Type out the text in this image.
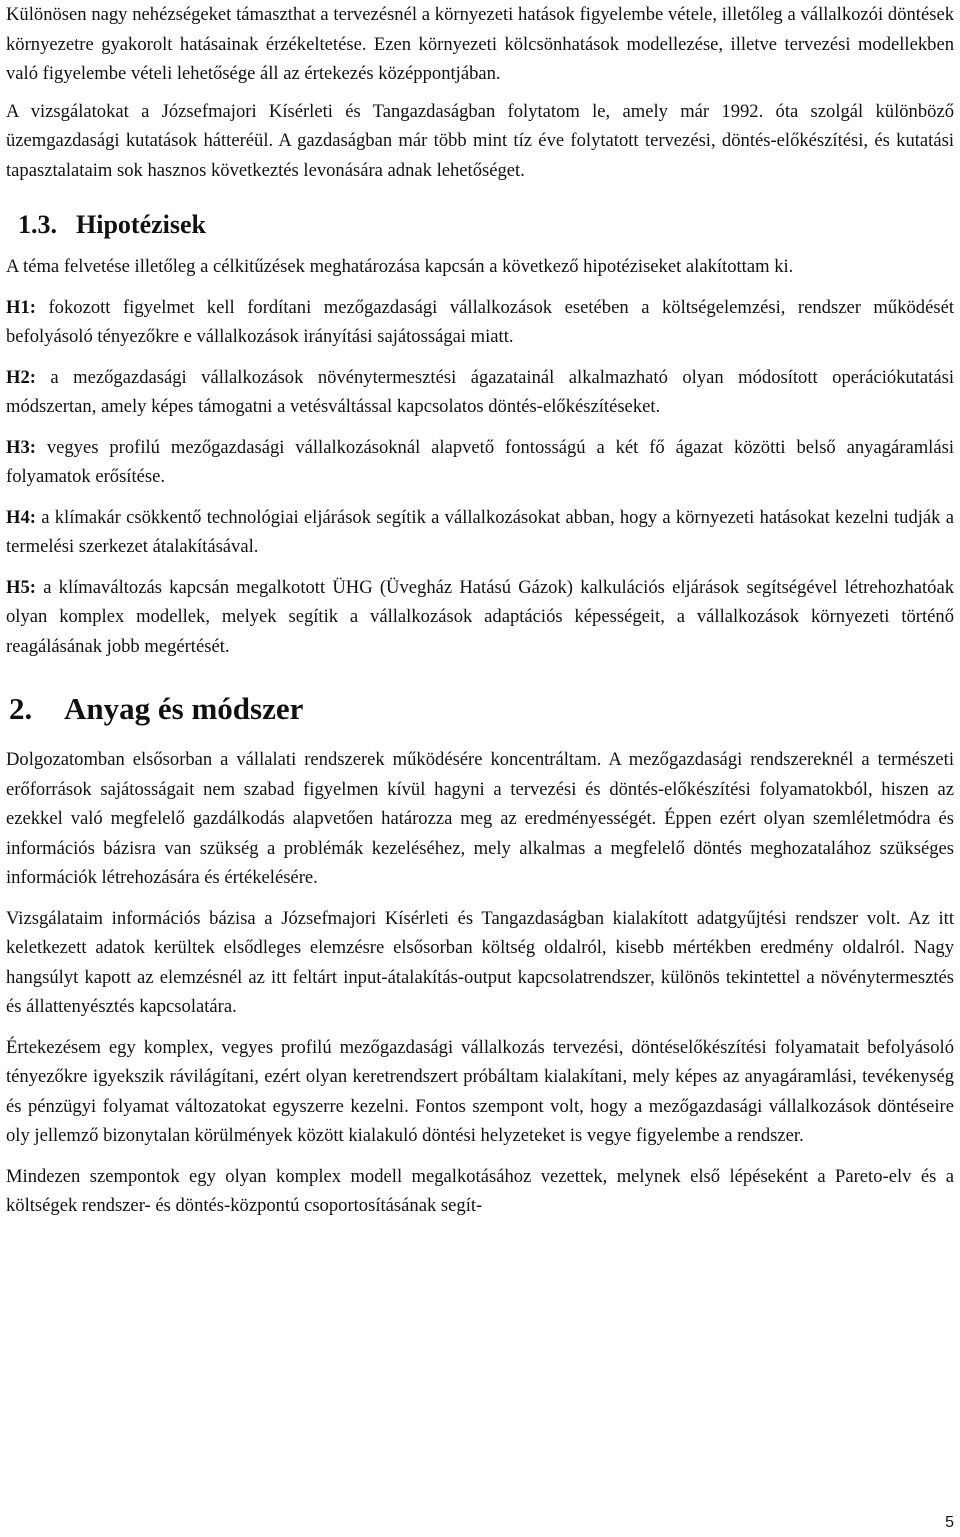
Különösen nagy nehézségeket támaszthat a tervezésnél a környezeti hatások figyelembe vétele, illetőleg a vállalkozói döntések környezetre gyakorolt hatásainak érzékeltetése. Ezen környezeti kölcsönhatások modellezése, illetve tervezési modellekben való figyelembe vételi lehetősége áll az értekezés középpontjában.

A vizsgálatokat a Józsefmajori Kísérleti és Tangazdaságban folytatom le, amely már 1992. óta szolgál különböző üzemgazdasági kutatások hátteréül. A gazdaságban már több mint tíz éve folytatott tervezési, döntés-előkészítési, és kutatási tapasztalataim sok hasznos következtés levonására adnak lehetőséget.

1.3. Hipotézisek

A téma felvetése illetőleg a célkitűzések meghatározása kapcsán a következő hipotéziseket alakítottam ki.

H1: fokozott figyelmet kell fordítani mezőgazdasági vállalkozások esetében a költségelemzési, rendszer működését befolyásoló tényezőkre e vállalkozások irányítási sajátosságai miatt.

H2: a mezőgazdasági vállalkozások növénytermesztési ágazatainál alkalmazható olyan módosított operációkutatási módszertan, amely képes támogatni a vetésváltással kapcsolatos döntés-előkészítéseket.

H3: vegyes profilú mezőgazdasági vállalkozásoknál alapvető fontosságú a két fő ágazat közötti belső anyagáramlási folyamatok erősítése.

H4: a klímakár csökkentő technológiai eljárások segítik a vállalkozásokat abban, hogy a környezeti hatásokat kezelni tudják a termelési szerkezet átalakításával.

H5: a klímaváltozás kapcsán megalkotott ÜHG (Üvegház Hatású Gázok) kalkulációs eljárások segítségével létrehozhatóak olyan komplex modellek, melyek segítik a vállalkozások adaptációs képességeit, a vállalkozások környezeti történő reagálásának jobb megértését.

2. Anyag és módszer

Dolgozatomban elsősorban a vállalati rendszerek működésére koncentráltam. A mezőgazdasági rendszereknél a természeti erőforrások sajátosságait nem szabad figyelmen kívül hagyni a tervezési és döntés-előkészítési folyamatokból, hiszen az ezekkel való megfelelő gazdálkodás alapvetően határozza meg az eredményességét. Éppen ezért olyan szemléletmódra és információs bázisra van szükség a problémák kezeléséhez, mely alkalmas a megfelelő döntés meghozatalához szükséges információk létrehozására és értékelésére.

Vizsgálataim információs bázisa a Józsefmajori Kísérleti és Tangazdaságban kialakított adatgyűjtési rendszer volt. Az itt keletkezett adatok kerültek elsődleges elemzésre elsősorban költség oldalról, kisebb mértékben eredmény oldalról. Nagy hangsúlyt kapott az elemzésnél az itt feltárt input-átalakítás-output kapcsolatrendszer, különös tekintettel a növénytermesztés és állattenyésztés kapcsolatára.

Értekezésem egy komplex, vegyes profilú mezőgazdasági vállalkozás tervezési, döntéselőkészítési folyamatait befolyásoló tényezőkre igyekszik rávilágítani, ezért olyan keretrendszert próbáltam kialakítani, mely képes az anyagáramlási, tevékenység és pénzügyi folyamat változatokat egyszerre kezelni. Fontos szempont volt, hogy a mezőgazdasági vállalkozások döntéseire oly jellemző bizonytalan körülmények között kialakuló döntési helyzeteket is vegye figyelembe a rendszer.

Mindezen szempontok egy olyan komplex modell megalkotásához vezettek, melynek első lépéseként a Pareto-elv és a költségek rendszer- és döntés-központú csoportosításának segít-

5
